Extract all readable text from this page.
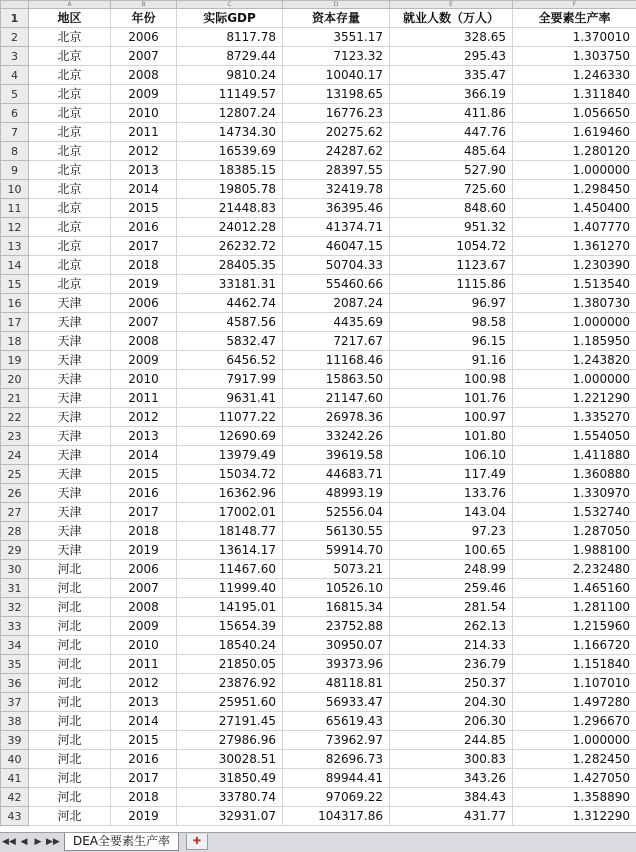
	A	B	C	D	E	F
1	地区	年份	实际GDP	资本存量	就业人数（万人）	全要素生产率
2	北京	2006	8117.78	3551.17	328.65	1.370010
3	北京	2007	8729.44	7123.32	295.43	1.303750
4	北京	2008	9810.24	10040.17	335.47	1.246330
5	北京	2009	11149.57	13198.65	366.19	1.311840
6	北京	2010	12807.24	16776.23	411.86	1.056650
7	北京	2011	14734.30	20275.62	447.76	1.619460
8	北京	2012	16539.69	24287.62	485.64	1.280120
9	北京	2013	18385.15	28397.55	527.90	1.000000
10	北京	2014	19805.78	32419.78	725.60	1.298450
11	北京	2015	21448.83	36395.46	848.60	1.450400
12	北京	2016	24012.28	41374.71	951.32	1.407770
13	北京	2017	26232.72	46047.15	1054.72	1.361270
14	北京	2018	28405.35	50704.33	1123.67	1.230390
15	北京	2019	33181.31	55460.66	1115.86	1.513540
16	天津	2006	4462.74	2087.24	96.97	1.380730
17	天津	2007	4587.56	4435.69	98.58	1.000000
18	天津	2008	5832.47	7217.67	96.15	1.185950
19	天津	2009	6456.52	11168.46	91.16	1.243820
20	天津	2010	7917.99	15863.50	100.98	1.000000
21	天津	2011	9631.41	21147.60	101.76	1.221290
22	天津	2012	11077.22	26978.36	100.97	1.335270
23	天津	2013	12690.69	33242.26	101.80	1.554050
24	天津	2014	13979.49	39619.58	106.10	1.411880
25	天津	2015	15034.72	44683.71	117.49	1.360880
26	天津	2016	16362.96	48993.19	133.76	1.330970
27	天津	2017	17002.01	52556.04	143.04	1.532740
28	天津	2018	18148.77	56130.55	97.23	1.287050
29	天津	2019	13614.17	59914.70	100.65	1.988100
30	河北	2006	11467.60	5073.21	248.99	2.232480
31	河北	2007	11999.40	10526.10	259.46	1.465160
32	河北	2008	14195.01	16815.34	281.54	1.281100
33	河北	2009	15654.39	23752.88	262.13	1.215960
34	河北	2010	18540.24	30950.07	214.33	1.166720
35	河北	2011	21850.05	39373.96	236.79	1.151840
36	河北	2012	23876.92	48118.81	250.37	1.107010
37	河北	2013	25951.60	56933.47	204.30	1.497280
38	河北	2014	27191.45	65619.43	206.30	1.296670
39	河北	2015	27986.96	73962.97	244.85	1.000000
40	河北	2016	30028.51	82696.73	300.83	1.282450
41	河北	2017	31850.49	89944.41	343.26	1.427050
42	河北	2018	33780.74	97069.22	384.43	1.358890
43	河北	2019	32931.07	104317.86	431.77	1.312290
◀◀ ◀ ▶ ▶▶	DEA全要素生产率	✚
